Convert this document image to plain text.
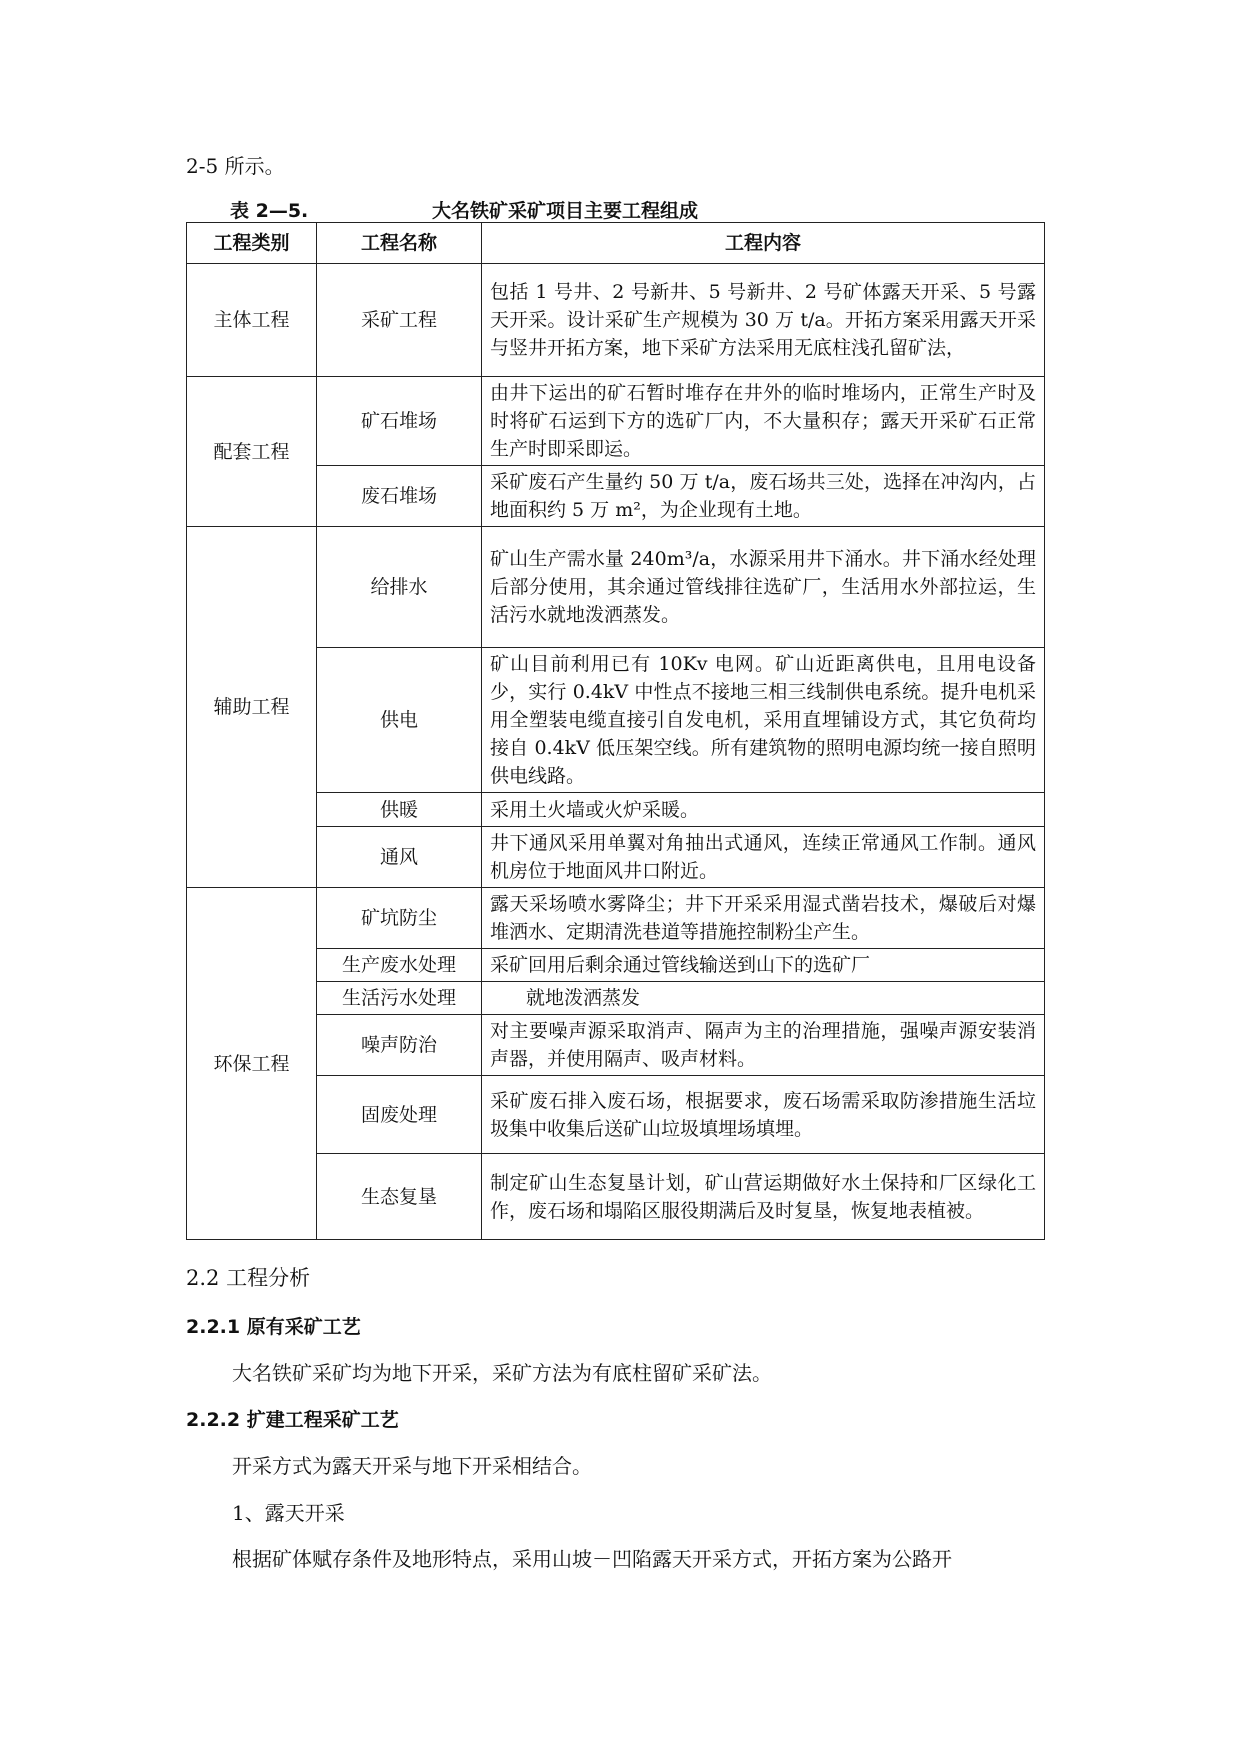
2-5 所示。
表 2—5.	大名铁矿采矿项目主要工程组成
工程类别	工程名称	工程内容
主体工程	采矿工程	包括 1 号井、2 号新井、5 号新井、2 号矿体露天开采、5 号露天开采。设计采矿生产规模为 30 万 t/a。开拓方案采用露天开采与竖井开拓方案，地下采矿方法采用无底柱浅孔留矿法，
配套工程	矿石堆场	由井下运出的矿石暂时堆存在井外的临时堆场内，正常生产时及时将矿石运到下方的选矿厂内，不大量积存；露天开采矿石正常生产时即采即运。
	废石堆场	采矿废石产生量约 50 万 t/a，废石场共三处，选择在冲沟内，占地面积约 5 万 m²，为企业现有土地。
辅助工程	给排水	矿山生产需水量 240m³/a，水源采用井下涌水。井下涌水经处理后部分使用，其余通过管线排往选矿厂，生活用水外部拉运，生活污水就地泼洒蒸发。
	供电	矿山目前利用已有 10Kv 电网。矿山近距离供电，且用电设备少，实行 0.4kV 中性点不接地三相三线制供电系统。提升电机采用全塑装电缆直接引自发电机，采用直埋铺设方式，其它负荷均接自 0.4kV 低压架空线。所有建筑物的照明电源均统一接自照明供电线路。
	供暖	采用土火墙或火炉采暖。
	通风	井下通风采用单翼对角抽出式通风，连续正常通风工作制。通风机房位于地面风井口附近。
环保工程	矿坑防尘	露天采场喷水雾降尘；井下开采采用湿式凿岩技术，爆破后对爆堆洒水、定期清洗巷道等措施控制粉尘产生。
	生产废水处理	采矿回用后剩余通过管线输送到山下的选矿厂
	生活污水处理	就地泼洒蒸发
	噪声防治	对主要噪声源采取消声、隔声为主的治理措施，强噪声源安装消声器，并使用隔声、吸声材料。
	固废处理	采矿废石排入废石场，根据要求，废石场需采取防渗措施生活垃圾集中收集后送矿山垃圾填埋场填埋。
	生态复垦	制定矿山生态复垦计划，矿山营运期做好水土保持和厂区绿化工作，废石场和塌陷区服役期满后及时复垦，恢复地表植被。
2.2 工程分析
2.2.1 原有采矿工艺
大名铁矿采矿均为地下开采，采矿方法为有底柱留矿采矿法。
2.2.2 扩建工程采矿工艺
开采方式为露天开采与地下开采相结合。
1、露天开采
根据矿体赋存条件及地形特点，采用山坡－凹陷露天开采方式，开拓方案为公路开
